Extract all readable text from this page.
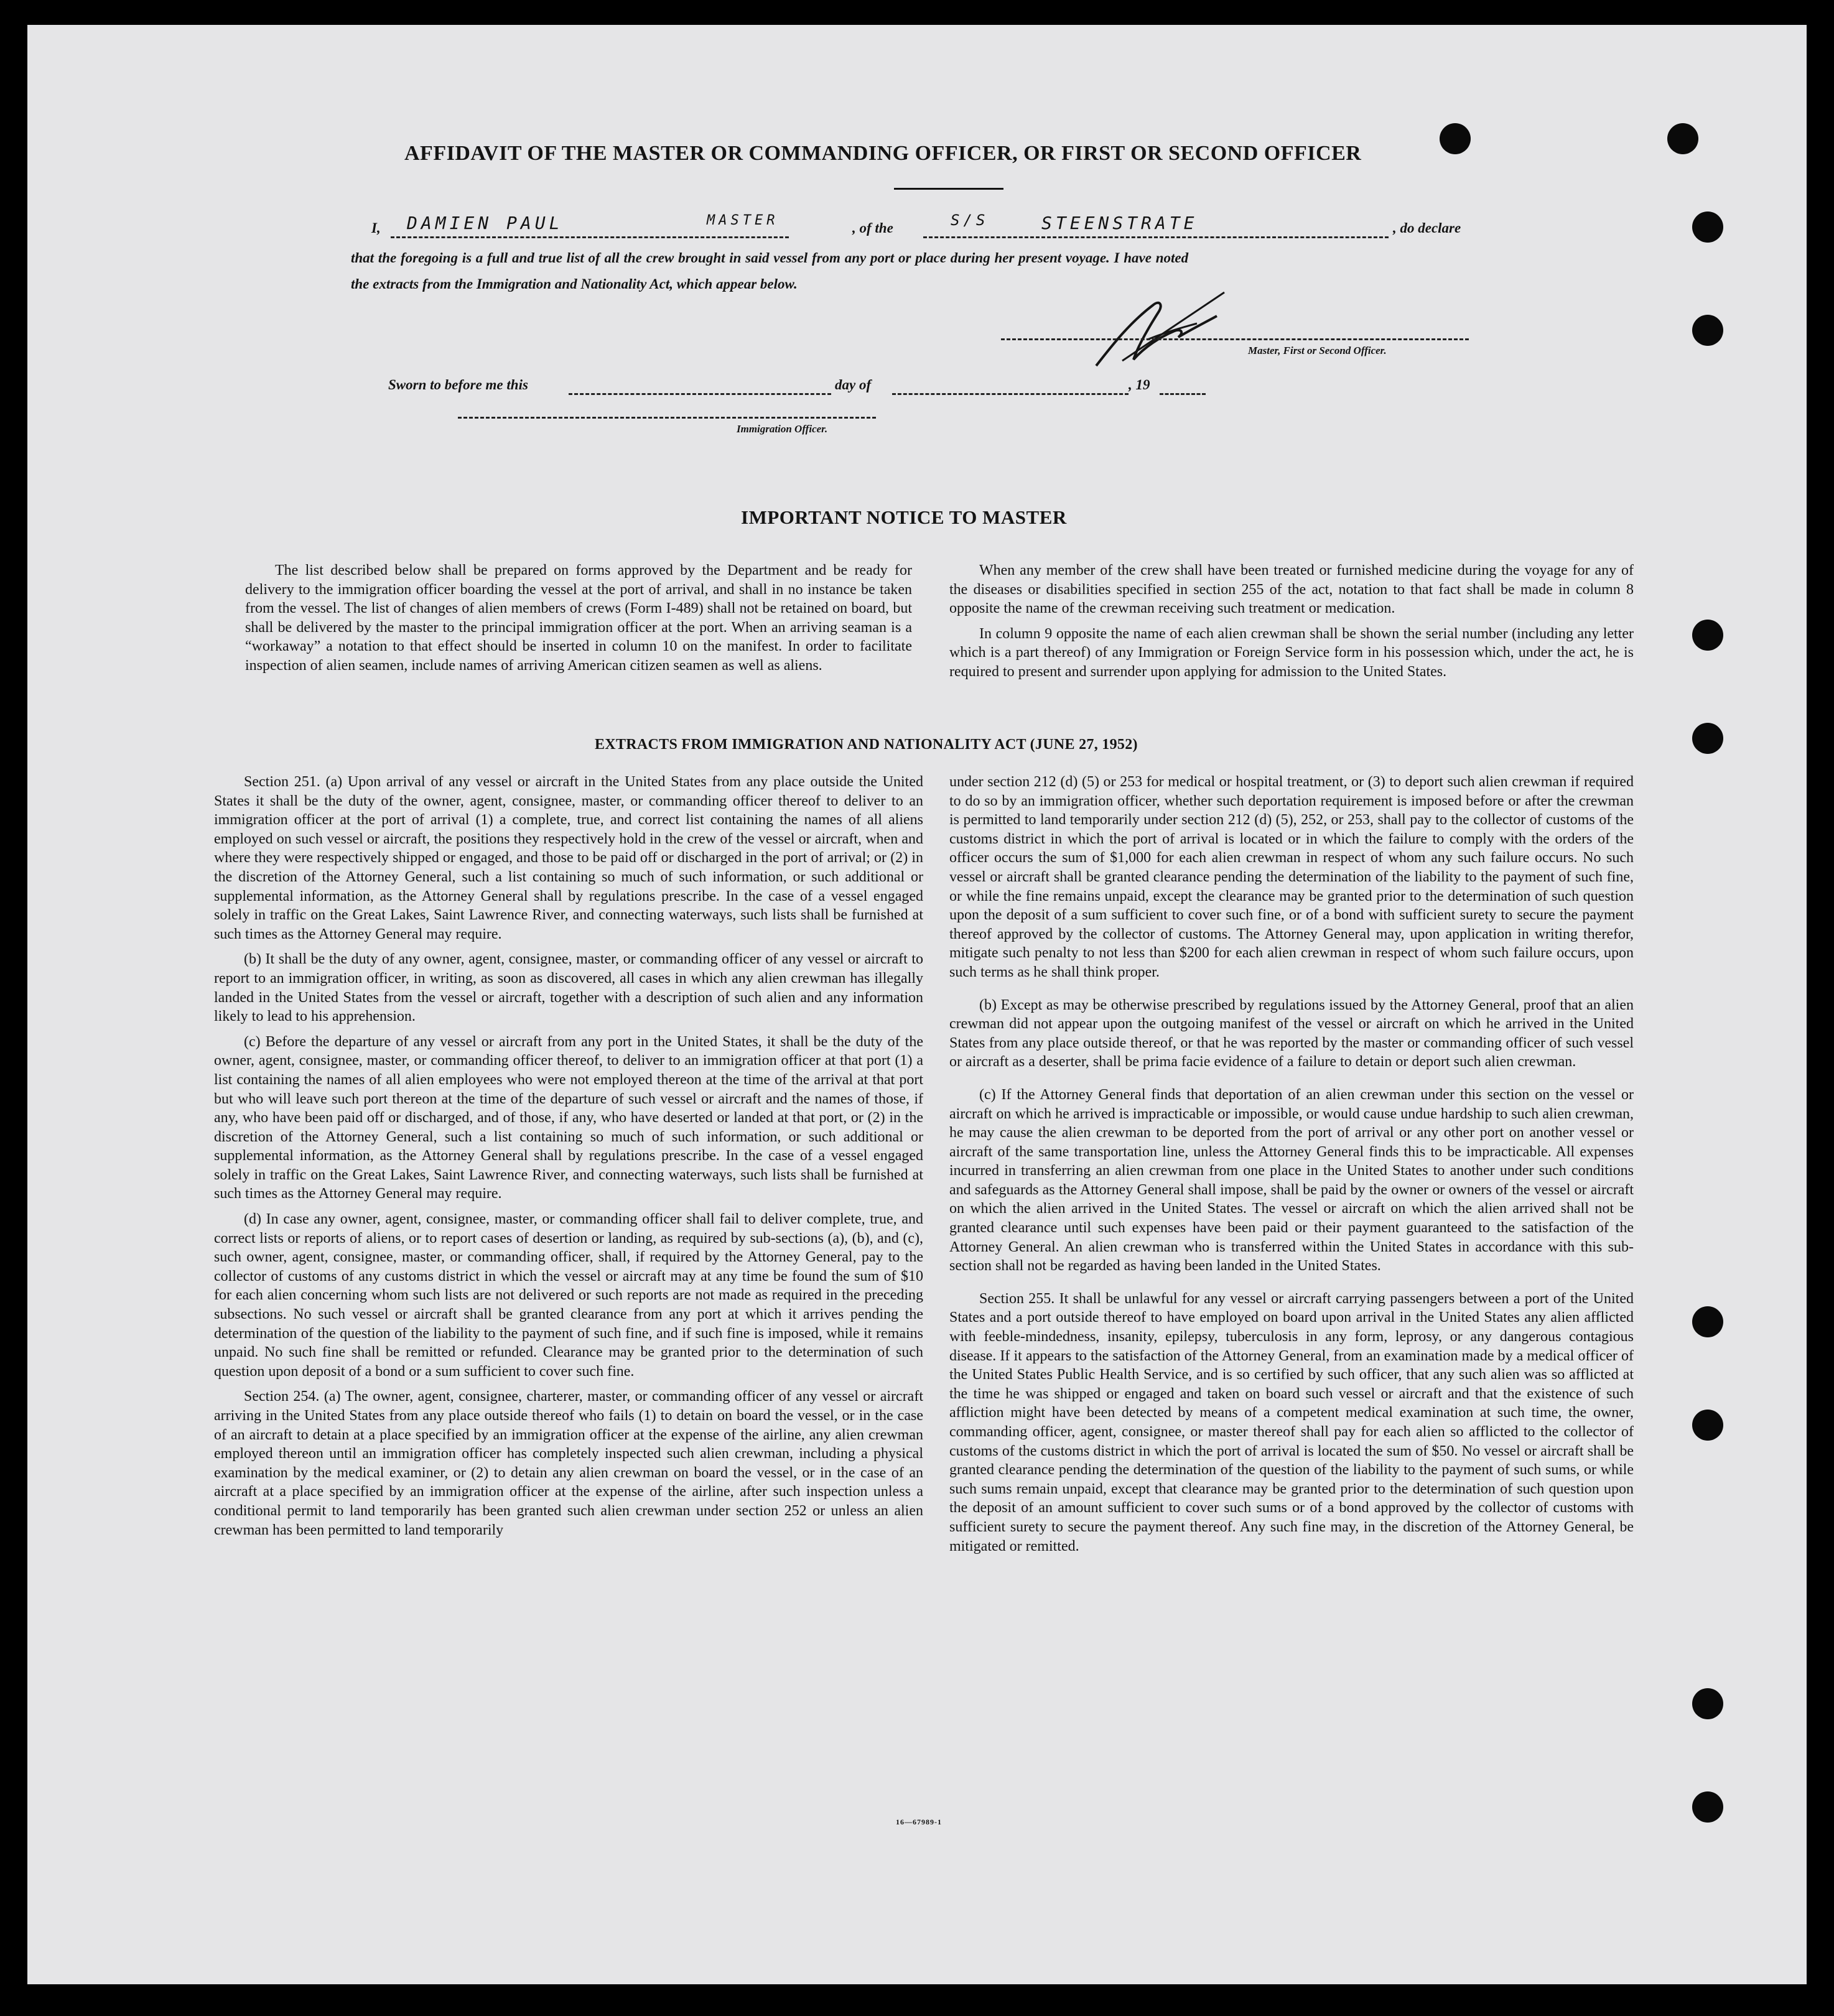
AFFIDAVIT OF THE MASTER OR COMMANDING OFFICER, OR FIRST OR SECOND OFFICER
I, DAMIEN PAUL	MASTER	, of the	S/S	STEENSTRATE	, do declare
that the foregoing is a full and true list of all the crew brought in said vessel from any port or place during her present voyage. I have noted
the extracts from the Immigration and Nationality Act, which appear below.
Master, First or Second Officer.
Sworn to before me this	day of	, 19
Immigration Officer.
IMPORTANT NOTICE TO MASTER

The list described below shall be prepared on forms approved by the Department and be ready for delivery to the immigration officer boarding the vessel at the port of arrival, and shall in no instance be taken from the vessel. The list of changes of alien members of crews (Form I-489) shall not be retained on board, but shall be delivered by the master to the principal immigration officer at the port. When an arriving seaman is a “workaway” a notation to that effect should be inserted in column 10 on the manifest. In order to facilitate inspection of alien seamen, include names of arriving American citizen seamen as well as aliens.

When any member of the crew shall have been treated or furnished medicine during the voyage for any of the diseases or disabilities specified in section 255 of the act, notation to that fact shall be made in column 8 opposite the name of the crewman receiving such treatment or medication.

In column 9 opposite the name of each alien crewman shall be shown the serial number (including any letter which is a part thereof) of any Immigration or Foreign Service form in his possession which, under the act, he is required to present and surrender upon applying for admission to the United States.

EXTRACTS FROM IMMIGRATION AND NATIONALITY ACT (JUNE 27, 1952)

Section 251. (a) Upon arrival of any vessel or aircraft in the United States from any place outside the United States it shall be the duty of the owner, agent, consignee, master, or commanding officer thereof to deliver to an immigration officer at the port of arrival (1) a complete, true, and correct list containing the names of all aliens employed on such vessel or aircraft, the positions they respectively hold in the crew of the vessel or aircraft, when and where they were respectively shipped or engaged, and those to be paid off or discharged in the port of arrival; or (2) in the discretion of the Attorney General, such a list containing so much of such information, or such additional or supplemental information, as the Attorney General shall by regulations prescribe. In the case of a vessel engaged solely in traffic on the Great Lakes, Saint Lawrence River, and connecting waterways, such lists shall be furnished at such times as the Attorney General may require.

(b) It shall be the duty of any owner, agent, consignee, master, or commanding officer of any vessel or aircraft to report to an immigration officer, in writing, as soon as discovered, all cases in which any alien crewman has illegally landed in the United States from the vessel or aircraft, together with a description of such alien and any information likely to lead to his apprehension.

(c) Before the departure of any vessel or aircraft from any port in the United States, it shall be the duty of the owner, agent, consignee, master, or commanding officer thereof, to deliver to an immigration officer at that port (1) a list containing the names of all alien employees who were not employed thereon at the time of the arrival at that port but who will leave such port thereon at the time of the departure of such vessel or aircraft and the names of those, if any, who have been paid off or discharged, and of those, if any, who have deserted or landed at that port, or (2) in the discretion of the Attorney General, such a list containing so much of such information, or such additional or supplemental information, as the Attorney General shall by regulations prescribe. In the case of a vessel engaged solely in traffic on the Great Lakes, Saint Lawrence River, and connecting waterways, such lists shall be furnished at such times as the Attorney General may require.

(d) In case any owner, agent, consignee, master, or commanding officer shall fail to deliver complete, true, and correct lists or reports of aliens, or to report cases of desertion or landing, as required by sub-sections (a), (b), and (c), such owner, agent, consignee, master, or commanding officer, shall, if required by the Attorney General, pay to the collector of customs of any customs district in which the vessel or aircraft may at any time be found the sum of $10 for each alien concerning whom such lists are not delivered or such reports are not made as required in the preceding subsections. No such vessel or aircraft shall be granted clearance from any port at which it arrives pending the determination of the question of the liability to the payment of such fine, and if such fine is imposed, while it remains unpaid. No such fine shall be remitted or refunded. Clearance may be granted prior to the determination of such question upon deposit of a bond or a sum sufficient to cover such fine.

Section 254. (a) The owner, agent, consignee, charterer, master, or commanding officer of any vessel or aircraft arriving in the United States from any place outside thereof who fails (1) to detain on board the vessel, or in the case of an aircraft to detain at a place specified by an immigration officer at the expense of the airline, any alien crewman employed thereon until an immigration officer has completely inspected such alien crewman, including a physical examination by the medical examiner, or (2) to detain any alien crewman on board the vessel, or in the case of an aircraft at a place specified by an immigration officer at the expense of the airline, after such inspection unless a conditional permit to land temporarily has been granted such alien crewman under section 252 or unless an alien crewman has been permitted to land temporarily

under section 212 (d) (5) or 253 for medical or hospital treatment, or (3) to deport such alien crewman if required to do so by an immigration officer, whether such deportation requirement is imposed before or after the crewman is permitted to land temporarily under section 212 (d) (5), 252, or 253, shall pay to the collector of customs of the customs district in which the port of arrival is located or in which the failure to comply with the orders of the officer occurs the sum of $1,000 for each alien crewman in respect of whom any such failure occurs. No such vessel or aircraft shall be granted clearance pending the determination of the liability to the payment of such fine, or while the fine remains unpaid, except the clearance may be granted prior to the determination of such question upon the deposit of a sum sufficient to cover such fine, or of a bond with sufficient surety to secure the payment thereof approved by the collector of customs. The Attorney General may, upon application in writing therefor, mitigate such penalty to not less than $200 for each alien crewman in respect of whom such failure occurs, upon such terms as he shall think proper.

(b) Except as may be otherwise prescribed by regulations issued by the Attorney General, proof that an alien crewman did not appear upon the outgoing manifest of the vessel or aircraft on which he arrived in the United States from any place outside thereof, or that he was reported by the master or commanding officer of such vessel or aircraft as a deserter, shall be prima facie evidence of a failure to detain or deport such alien crewman.

(c) If the Attorney General finds that deportation of an alien crewman under this section on the vessel or aircraft on which he arrived is impracticable or impossible, or would cause undue hardship to such alien crewman, he may cause the alien crewman to be deported from the port of arrival or any other port on another vessel or aircraft of the same transportation line, unless the Attorney General finds this to be impracticable. All expenses incurred in transferring an alien crewman from one place in the United States to another under such conditions and safeguards as the Attorney General shall impose, shall be paid by the owner or owners of the vessel or aircraft on which the alien arrived in the United States. The vessel or aircraft on which the alien arrived shall not be granted clearance until such expenses have been paid or their payment guaranteed to the satisfaction of the Attorney General. An alien crewman who is transferred within the United States in accordance with this sub-section shall not be regarded as having been landed in the United States.

Section 255. It shall be unlawful for any vessel or aircraft carrying passengers between a port of the United States and a port outside thereof to have employed on board upon arrival in the United States any alien afflicted with feeble-mindedness, insanity, epilepsy, tuberculosis in any form, leprosy, or any dangerous contagious disease. If it appears to the satisfaction of the Attorney General, from an examination made by a medical officer of the United States Public Health Service, and is so certified by such officer, that any such alien was so afflicted at the time he was shipped or engaged and taken on board such vessel or aircraft and that the existence of such affliction might have been detected by means of a competent medical examination at such time, the owner, commanding officer, agent, consignee, or master thereof shall pay for each alien so afflicted to the collector of customs of the customs district in which the port of arrival is located the sum of $50. No vessel or aircraft shall be granted clearance pending the determination of the question of the liability to the payment of such sums, or while such sums remain unpaid, except that clearance may be granted prior to the determination of such question upon the deposit of an amount sufficient to cover such sums or of a bond approved by the collector of customs with sufficient surety to secure the payment thereof. Any such fine may, in the discretion of the Attorney General, be mitigated or remitted.

16—67989-1
